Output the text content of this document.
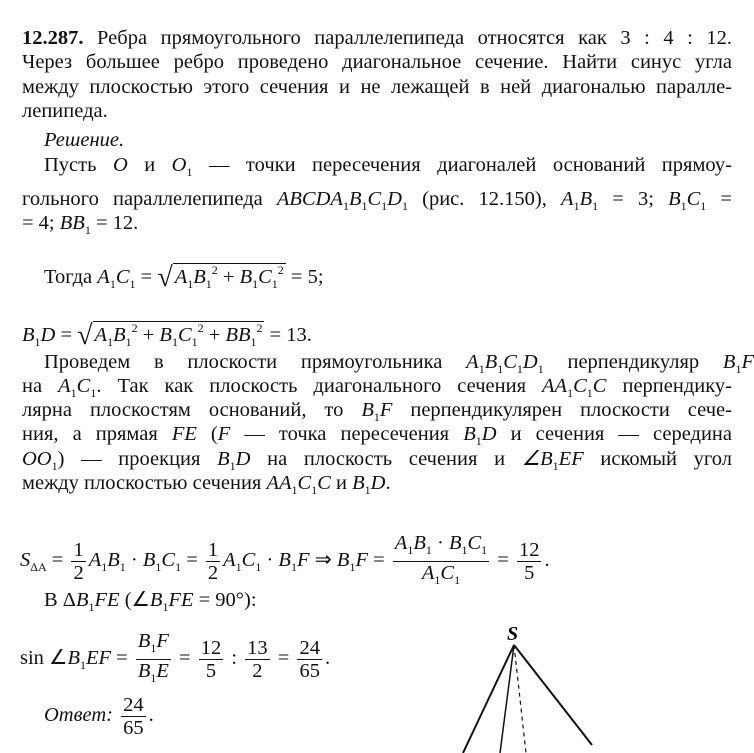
12.287. Ребра прямоугольного параллелепипеда относятся как 3 : 4 : 12.
Через большее ребро проведено диагональное сечение. Найти синус угла
между плоскостью этого сечения и не лежащей в ней диагональю паралле-
лепипеда.
Решение.
Пусть O и $O_1$ — точки пересечения диагоналей оснований прямоу-
гольного параллелепипеда $ABCDA_1B_1C_1D_1$ (рис. 12.150), $A_1B_1 = 3$; $B_1C_1$ =
= 4; $BB_1 = 12$.
Тогда $A_1C_1 = √A_1B_1^2 + B_1C_1^2 = 5$;
$B_1D = √A_1B_1^2 + B_1C_1^2 + BB_1^2 = 13$.
Проведем в плоскости прямоугольника $A_1B_1C_1D_1$ перпендикуляр $B_1F$
на $A_1C_1$. Так как плоскость диагонального сечения $AA_1C_1C$ перпендику-
лярна плоскостям оснований, то $B_1F$ перпендикулярен плоскости сече-
ния, а прямая FE (F — точка пересечения $B_1D$ и сечения — середина
$OO_1$) — проекция $B_1D$ на плоскость сечения и $\angle B_1EF$ искомый угол
между плоскостью сечения $AA_1C_1C$ и $B_1D$.
$S_{\Delta A} = \frac{1}{2} A_1B_1 \cdot B_1C_1 = \frac{1}{2} A_1C_1 \cdot B_1F$ ⇒ $B_1F = \frac{A_1B_1 \cdot B_1C_1}{A_1C_1} = \frac{12}{5}$ .
В $\Delta B_1FE$ $(\angle B_1FE = 90^\circ)$:
$\sin \angle B_1EF = \frac{B_1F}{B_1E} = \frac{12}{5}$ : $\frac{13}{2} = \frac{24}{65}$ .
Ответ: $\frac{24}{65}$ .
S
